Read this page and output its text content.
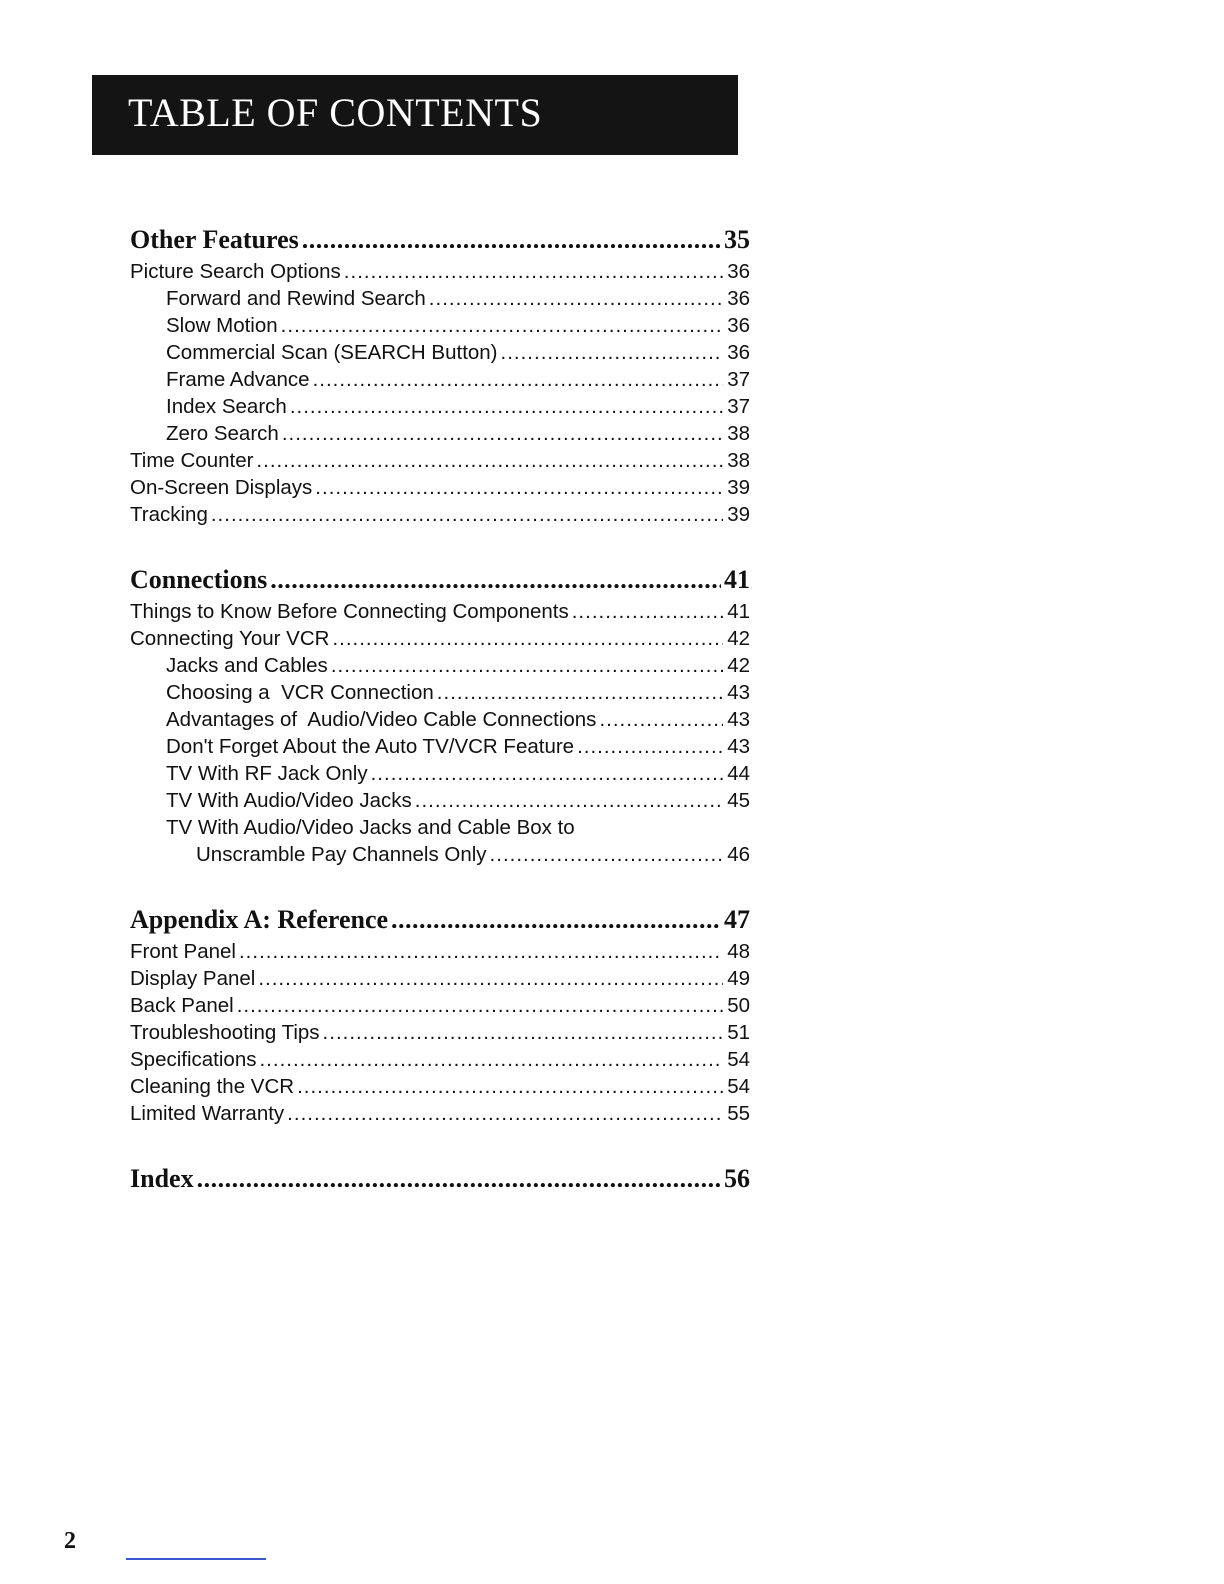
TABLE OF CONTENTS
Other Features .....	35
Picture Search Options .....	36
Forward and Rewind Search .....	36
Slow Motion .....	36
Commercial Scan (SEARCH Button) .....	36
Frame Advance .....	37
Index Search .....	37
Zero Search .....	38
Time Counter .....	38
On-Screen Displays .....	39
Tracking .....	39
Connections .....	41
Things to Know Before Connecting Components .....	41
Connecting Your VCR .....	42
Jacks and Cables .....	42
Choosing a  VCR Connection .....	43
Advantages of  Audio/Video Cable Connections .....	43
Don't Forget About the Auto TV/VCR Feature .....	43
TV With RF Jack Only .....	44
TV With Audio/Video Jacks .....	45
TV With Audio/Video Jacks and Cable Box to
Unscramble Pay Channels Only .....	46
Appendix A: Reference .....	47
Front Panel .....	48
Display Panel .....	49
Back Panel .....	50
Troubleshooting Tips .....	51
Specifications .....	54
Cleaning the VCR .....	54
Limited Warranty .....	55
Index .....	56
2
